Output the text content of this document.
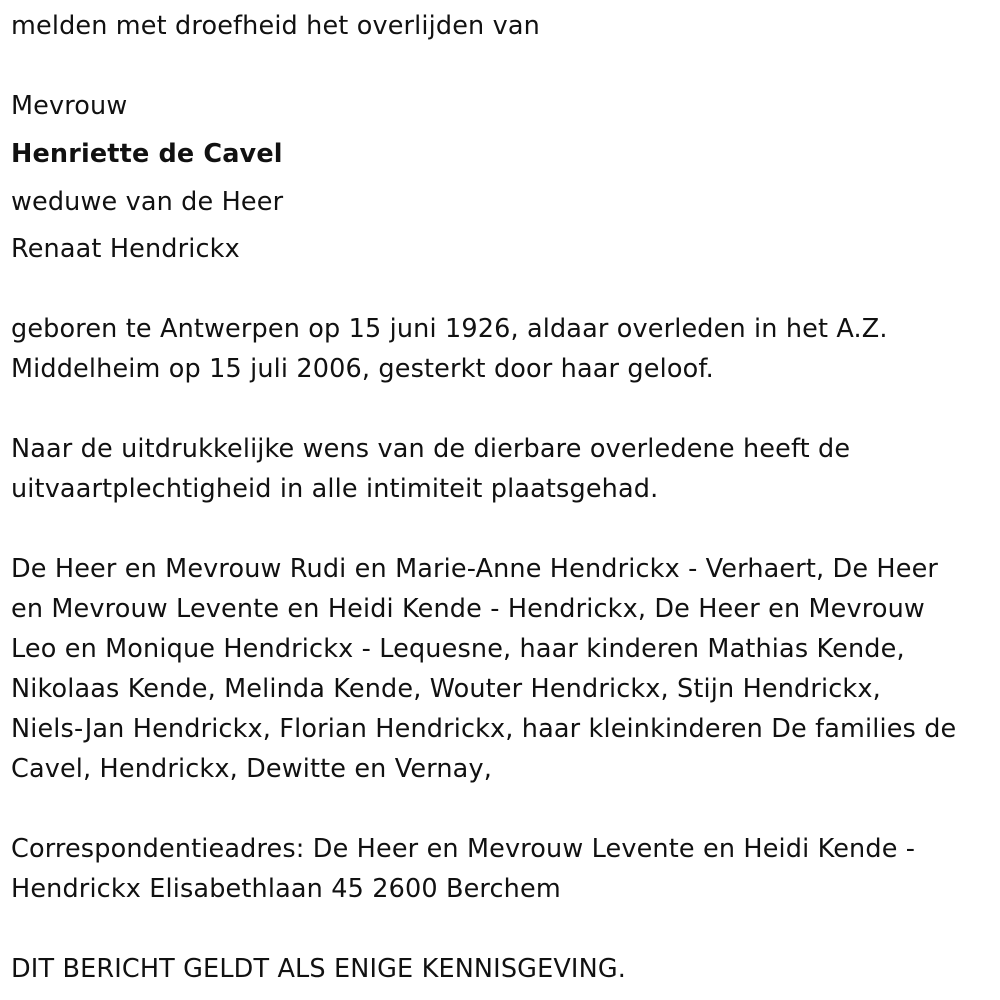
melden met droefheid het overlijden van
Mevrouw
Henriette de Cavel
weduwe van de Heer
Renaat Hendrickx
geboren te Antwerpen op 15 juni 1926, aldaar overleden in het A.Z.
Middelheim op 15 juli 2006, gesterkt door haar geloof.
Naar de uitdrukkelijke wens van de dierbare overledene heeft de
uitvaartplechtigheid in alle intimiteit plaatsgehad.
De Heer en Mevrouw Rudi en Marie-Anne Hendrickx - Verhaert, De Heer
en Mevrouw Levente en Heidi Kende - Hendrickx, De Heer en Mevrouw
Leo en Monique Hendrickx - Lequesne, haar kinderen Mathias Kende,
Nikolaas Kende, Melinda Kende, Wouter Hendrickx, Stijn Hendrickx,
Niels-Jan Hendrickx, Florian Hendrickx, haar kleinkinderen De families de
Cavel, Hendrickx, Dewitte en Vernay,
Correspondentieadres: De Heer en Mevrouw Levente en Heidi Kende -
Hendrickx Elisabethlaan 45 2600 Berchem
DIT BERICHT GELDT ALS ENIGE KENNISGEVING.
